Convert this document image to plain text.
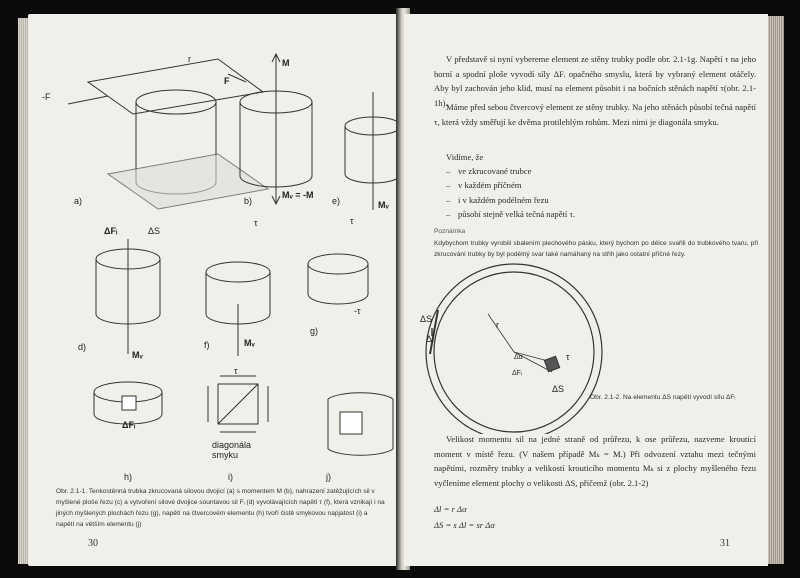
a)	b)	e)
d)	f)
g)
h)	i)	j)
-F
F
r	M
Mᵥ = -M
Mᵥ
ΔFᵢ	ΔS
Mᵥ
τ
Mᵥ
τ
-τ
ΔFᵢ
τ
diagonála smyku
Obr. 2.1-1. Tenkostěnná trubka zkrucovaná silovou dvojicí (a) s momentem M (b), nahrazení zatěžujících sil v myšlené ploše řezu (c) a vytvoření silové dvojice sountavou sil Fᵢ (d) vyvolávajících napětí τ (f), která vznikají i na jiných myšlených plochách řezu (g), napětí na čtvercovém elementu (h) tvoří čistě smykovou napjatost (i) a napětí na větším elementu (j)
30

V představě si nyní vybereme element ze stěny trubky podle obr. 2.1-1g. Napětí τ na jeho horní a spodní ploše vyvodí síly ΔFᵢ opačného smyslu, která by vybraný element otáčely. Aby byl zachován jeho klid, musí na element působit i na bočních stěnách napětí τ(obr. 2.1-1h).

Máme před sebou čtvercový element ze stěny trubky. Na jeho stěnách působí tečná napětí τ, která vždy směřují ke dvěma protilehlým rohům. Mezi nimi je diagonála smyku.

Vidíme, že
– ve zkrucované trubce
– v každém příčném
– i v každém podélném řezu
– působí stejně velká tečná napětí τ.
Poznámka
Kdybychom trubky vyrobili sbalením plechového pásku, který bychom po délce svařili do trubkového tvaru, při zkrucování trubky by byl podélný svar také namáhaný na střih jako ostatní příčné řezy.
ΔS
Δl
r
Δα
ΔFᵢ
τ
ΔS
Obr. 2.1-2. Na elementu ΔS napětí vyvodí sílu ΔFᵢ

Velikost momentu sil na jedné straně od průřezu, k ose průřezu, nazveme krouticí moment v místě řezu. (V našem případě Mₖ = M.) Při odvození vztahu mezi tečnými napětími, rozměry trubky a velikostí krouticího momentu Mₖ si z plochy myšleného řezu vyčleníme element plochy o velikosti ΔS, přičemž (obr. 2.1-2)

Δl = r Δα
ΔS = s Δl = sr Δα
31
